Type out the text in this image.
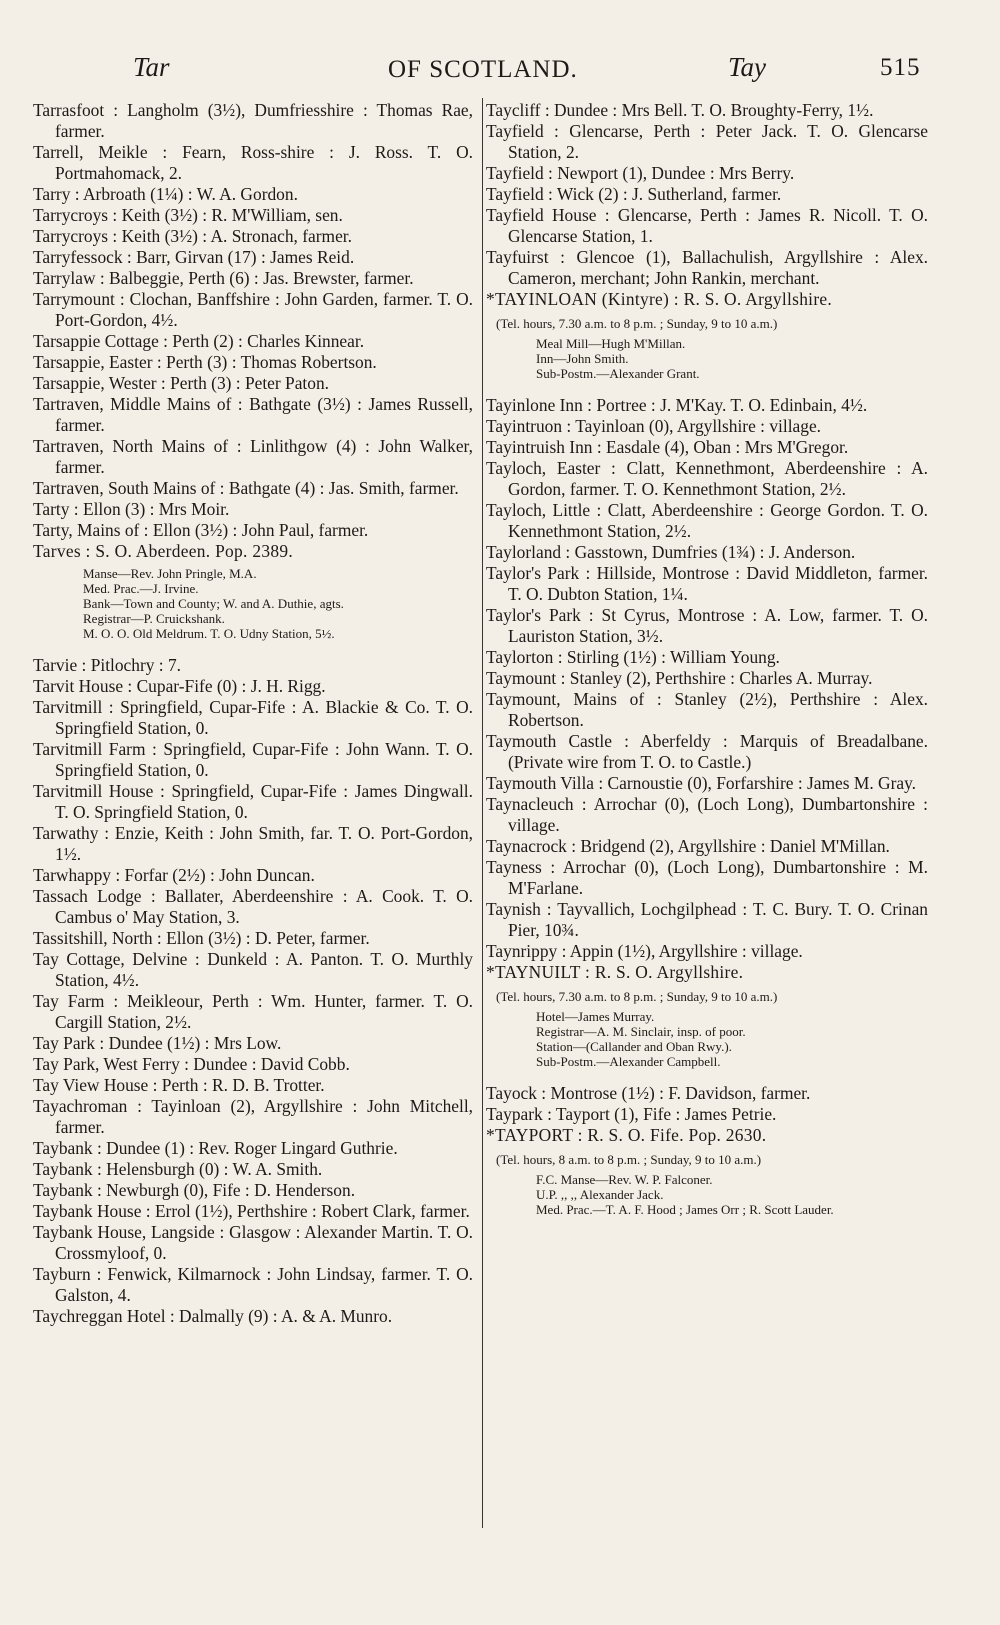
Tar	OF SCOTLAND.	Tay	515

Tarrasfoot : Langholm (3½), Dumfriesshire : Thomas Rae, farmer.

Tarrell, Meikle : Fearn, Ross-shire : J. Ross. T. O. Portmahomack, 2.

Tarry : Arbroath (1¼) : W. A. Gordon.

Tarrycroys : Keith (3½) : R. M'William, sen.

Tarrycroys : Keith (3½) : A. Stronach, farmer.

Tarryfessock : Barr, Girvan (17) : James Reid.

Tarrylaw : Balbeggie, Perth (6) : Jas. Brewster, farmer.

Tarrymount : Clochan, Banffshire : John Garden, farmer. T. O. Port-Gordon, 4½.

Tarsappie Cottage : Perth (2) : Charles Kinnear.

Tarsappie, Easter : Perth (3) : Thomas Robertson.

Tarsappie, Wester : Perth (3) : Peter Paton.

Tartraven, Middle Mains of : Bathgate (3½) : James Russell, farmer.

Tartraven, North Mains of : Linlithgow (4) : John Walker, farmer.

Tartraven, South Mains of : Bathgate (4) : Jas. Smith, farmer.

Tarty : Ellon (3) : Mrs Moir.

Tarty, Mains of : Ellon (3½) : John Paul, farmer.

Tarves : S. O. Aberdeen. Pop. 2389.

Manse—Rev. John Pringle, M.A.

Med. Prac.—J. Irvine.

Bank—Town and County; W. and A. Duthie, agts.

Registrar—P. Cruickshank.

M. O. O. Old Meldrum. T. O. Udny Station, 5½.

Tarvie : Pitlochry : 7.

Tarvit House : Cupar-Fife (0) : J. H. Rigg.

Tarvitmill : Springfield, Cupar-Fife : A. Blackie & Co. T. O. Springfield Station, 0.

Tarvitmill Farm : Springfield, Cupar-Fife : John Wann. T. O. Springfield Station, 0.

Tarvitmill House : Springfield, Cupar-Fife : James Dingwall. T. O. Springfield Station, 0.

Tarwathy : Enzie, Keith : John Smith, far. T. O. Port-Gordon, 1½.

Tarwhappy : Forfar (2½) : John Duncan.

Tassach Lodge : Ballater, Aberdeenshire : A. Cook. T. O. Cambus o' May Station, 3.

Tassitshill, North : Ellon (3½) : D. Peter, farmer.

Tay Cottage, Delvine : Dunkeld : A. Panton. T. O. Murthly Station, 4½.

Tay Farm : Meikleour, Perth : Wm. Hunter, farmer. T. O. Cargill Station, 2½.

Tay Park : Dundee (1½) : Mrs Low.

Tay Park, West Ferry : Dundee : David Cobb.

Tay View House : Perth : R. D. B. Trotter.

Tayachroman : Tayinloan (2), Argyllshire : John Mitchell, farmer.

Taybank : Dundee (1) : Rev. Roger Lingard Guthrie.

Taybank : Helensburgh (0) : W. A. Smith.

Taybank : Newburgh (0), Fife : D. Henderson.

Taybank House : Errol (1½), Perthshire : Robert Clark, farmer.

Taybank House, Langside : Glasgow : Alexander Martin. T. O. Crossmyloof, 0.

Tayburn : Fenwick, Kilmarnock : John Lindsay, farmer. T. O. Galston, 4.

Taychreggan Hotel : Dalmally (9) : A. & A. Munro.

Taycliff : Dundee : Mrs Bell. T. O. Broughty-Ferry, 1½.

Tayfield : Glencarse, Perth : Peter Jack. T. O. Glencarse Station, 2.

Tayfield : Newport (1), Dundee : Mrs Berry.

Tayfield : Wick (2) : J. Sutherland, farmer.

Tayfield House : Glencarse, Perth : James R. Nicoll. T. O. Glencarse Station, 1.

Tayfuirst : Glencoe (1), Ballachulish, Argyllshire : Alex. Cameron, merchant; John Rankin, merchant.

*TAYINLOAN (Kintyre) : R. S. O. Argyllshire.

(Tel. hours, 7.30 a.m. to 8 p.m. ; Sunday, 9 to 10 a.m.)

Meal Mill—Hugh M'Millan.

Inn—John Smith.

Sub-Postm.—Alexander Grant.

Tayinlone Inn : Portree : J. M'Kay. T. O. Edinbain, 4½.

Tayintruon : Tayinloan (0), Argyllshire : village.

Tayintruish Inn : Easdale (4), Oban : Mrs M'Gregor.

Tayloch, Easter : Clatt, Kennethmont, Aberdeenshire : A. Gordon, farmer. T. O. Kennethmont Station, 2½.

Tayloch, Little : Clatt, Aberdeenshire : George Gordon. T. O. Kennethmont Station, 2½.

Taylorland : Gasstown, Dumfries (1¾) : J. Anderson.

Taylor's Park : Hillside, Montrose : David Middleton, farmer. T. O. Dubton Station, 1¼.

Taylor's Park : St Cyrus, Montrose : A. Low, farmer. T. O. Lauriston Station, 3½.

Taylorton : Stirling (1½) : William Young.

Taymount : Stanley (2), Perthshire : Charles A. Murray.

Taymount, Mains of : Stanley (2½), Perthshire : Alex. Robertson.

Taymouth Castle : Aberfeldy : Marquis of Breadalbane. (Private wire from T. O. to Castle.)

Taymouth Villa : Carnoustie (0), Forfarshire : James M. Gray.

Taynacleuch : Arrochar (0), (Loch Long), Dumbartonshire : village.

Taynacrock : Bridgend (2), Argyllshire : Daniel M'Millan.

Tayness : Arrochar (0), (Loch Long), Dumbartonshire : M. M'Farlane.

Taynish : Tayvallich, Lochgilphead : T. C. Bury. T. O. Crinan Pier, 10¾.

Taynrippy : Appin (1½), Argyllshire : village.

*TAYNUILT : R. S. O. Argyllshire.

(Tel. hours, 7.30 a.m. to 8 p.m. ; Sunday, 9 to 10 a.m.)

Hotel—James Murray.

Registrar—A. M. Sinclair, insp. of poor.

Station—(Callander and Oban Rwy.).

Sub-Postm.—Alexander Campbell.

Tayock : Montrose (1½) : F. Davidson, farmer.

Taypark : Tayport (1), Fife : James Petrie.

*TAYPORT : R. S. O. Fife. Pop. 2630.

(Tel. hours, 8 a.m. to 8 p.m. ; Sunday, 9 to 10 a.m.)

F.C. Manse—Rev. W. P. Falconer.

U.P. ,, ,, Alexander Jack.

Med. Prac.—T. A. F. Hood ; James Orr ; R. Scott Lauder.
